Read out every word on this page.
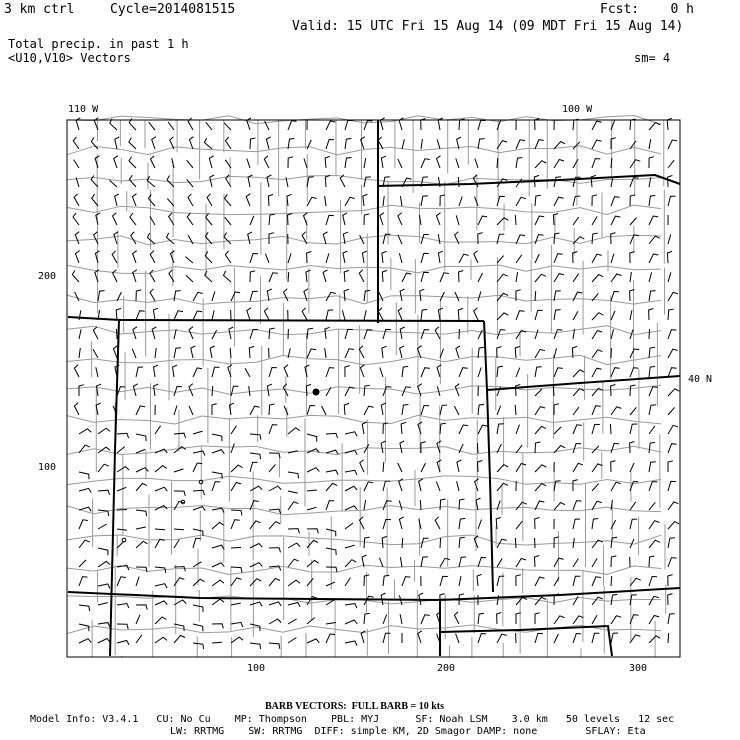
3 km ctrl	Cycle=2014081515	Fcst:    0 h
Valid: 15 UTC Fri 15 Aug 14 (09 MDT Fri 15 Aug 14)
Total precip. in past 1 h
<U10,V10> Vectors	sm= 4
110 W	100 W
40 N
200
100
100	200	300
BARB VECTORS:  FULL BARB = 10 kts
Model Info: V3.4.1   CU: No Cu    MP: Thompson    PBL: MYJ      SF: Noah LSM    3.0 km   50 levels   12 sec
LW: RRTMG    SW: RRTMG  DIFF: simple KM, 2D Smagor DAMP: none        SFLAY: Eta
